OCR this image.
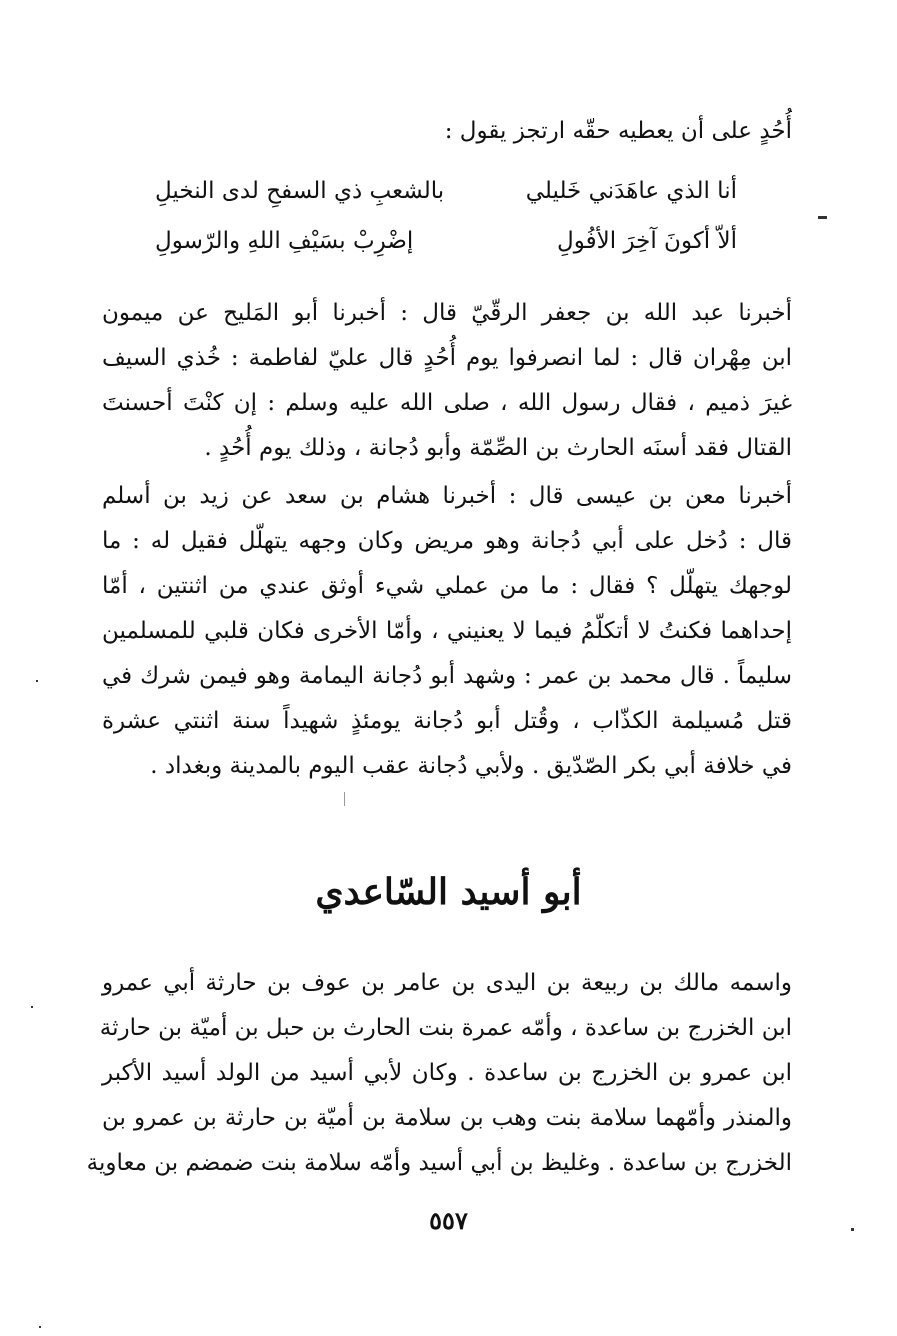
أُحُدٍ على أن يعطيه حقّه ارتجز يقول :
أنا الذي عاهَدَني خَليلي
بالشعبِ ذي السفحِ لدى النخيلِ
ألاّ أكونَ آخِرَ الأفُولِ
إضْرِبْ بسَيْفِ اللهِ والرّسولِ
أخبرنا عبد الله بن جعفر الرقّيّ قال : أخبرنا أبو المَليح عن ميمون
ابن مِهْران قال : لما انصرفوا يوم أُحُدٍ قال عليّ لفاطمة : خُذي السيف
غيرَ ذميم ، فقال رسول الله ، صلى الله عليه وسلم : إن كنْتَ أحسنتَ
القتال فقد أسنَه الحارث بن الصِّمّة وأبو دُجانة ، وذلك يوم أُحُدٍ .
أخبرنا معن بن عيسى قال : أخبرنا هشام بن سعد عن زيد بن أسلم
قال : دُخل على أبي دُجانة وهو مريض وكان وجهه يتهلّل فقيل له : ما
لوجهك يتهلّل ؟ فقال : ما من عملي شيء أوثق عندي من اثنتين ، أمّا
إحداهما فكنتُ لا أتكلّمُ فيما لا يعنيني ، وأمّا الأخرى فكان قلبي للمسلمين
سليماً . قال محمد بن عمر : وشهد أبو دُجانة اليمامة وهو فيمن شرك في
قتل مُسيلمة الكذّاب ، وقُتل أبو دُجانة يومئذٍ شهيداً سنة اثنتي عشرة
في خلافة أبي بكر الصّدّيق . ولأبي دُجانة عقب اليوم بالمدينة وبغداد .
أبو أسيد السّاعدي
واسمه مالك بن ربيعة بن اليدى بن عامر بن عوف بن حارثة أبي عمرو
ابن الخزرج بن ساعدة ، وأمّه عمرة بنت الحارث بن حبل بن أميّة بن حارثة
ابن عمرو بن الخزرج بن ساعدة . وكان لأبي أسيد من الولد أسيد الأكبر
والمنذر وأمّهما سلامة بنت وهب بن سلامة بن أميّة بن حارثة بن عمرو بن
الخزرج بن ساعدة . وغليظ بن أبي أسيد وأمّه سلامة بنت ضمضم بن معاوية
٥٥٧
